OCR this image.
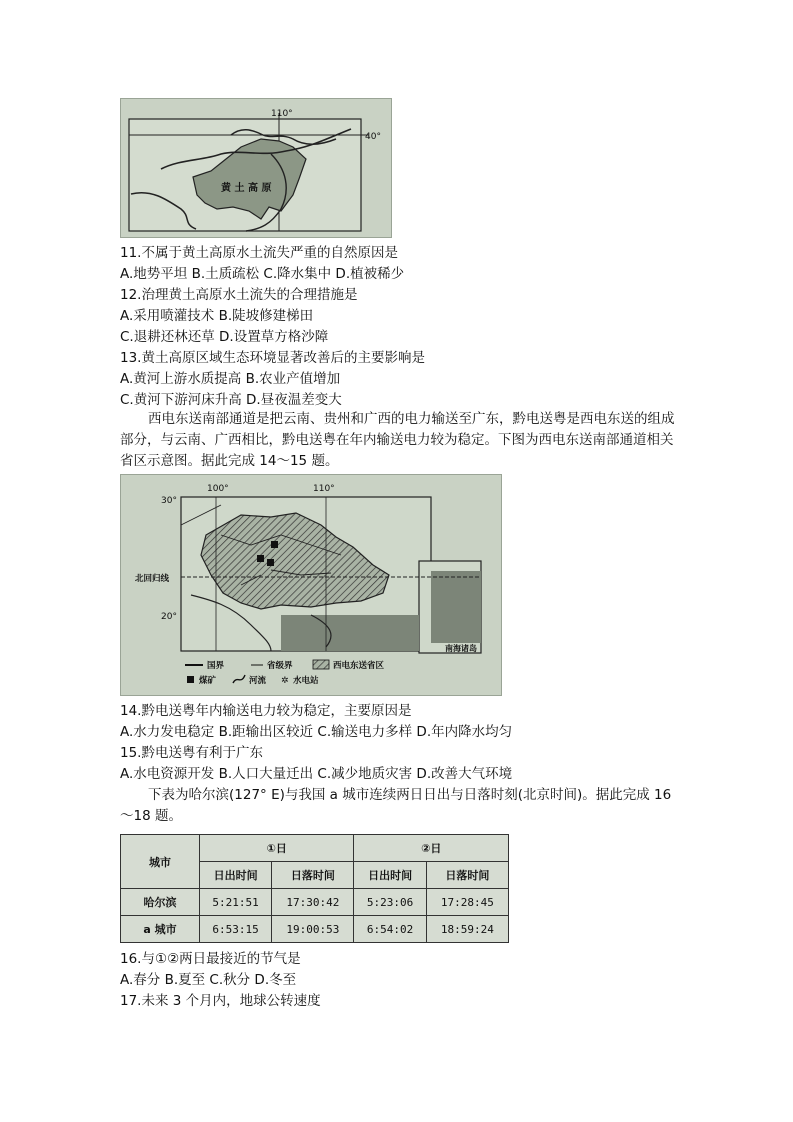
110°
40°
黄 土 高 原
11.不属于黄土高原水土流失严重的自然原因是
A.地势平坦 B.土质疏松 C.降水集中 D.植被稀少
12.治理黄土高原水土流失的合理措施是
A.采用喷灌技术 B.陡坡修建梯田
C.退耕还林还草 D.设置草方格沙障
13.黄土高原区域生态环境显著改善后的主要影响是
A.黄河上游水质提高 B.农业产值增加
C.黄河下游河床升高 D.昼夜温差变大
西电东送南部通道是把云南、贵州和广西的电力输送至广东，黔电送粤是西电东送的组成部分，与云南、广西相比，黔电送粤在年内输送电力较为稳定。下图为西电东送南部通道相关省区示意图。据此完成 14～15 题。
100°	110°
30°
20°
北回归线
南海诸岛
国界	省级界	西电东送省区
煤矿	河流 ✲ 水电站
14.黔电送粤年内输送电力较为稳定，主要原因是
A.水力发电稳定 B.距输出区较近 C.输送电力多样 D.年内降水均匀
15.黔电送粤有利于广东
A.水电资源开发 B.人口大量迁出 C.减少地质灾害 D.改善大气环境
下表为哈尔滨(127° E)与我国 a 城市连续两日日出与日落时刻(北京时间)。据此完成 16～18 题。
城市	①日		②日	
	日出时间	日落时间	日出时间	日落时间
哈尔滨	5:21:51	17:30:42	5:23:06	17:28:45
a 城市	6:53:15	19:00:53	6:54:02	18:59:24
16.与①②两日最接近的节气是
A.春分 B.夏至 C.秋分 D.冬至
17.未来 3 个月内，地球公转速度
